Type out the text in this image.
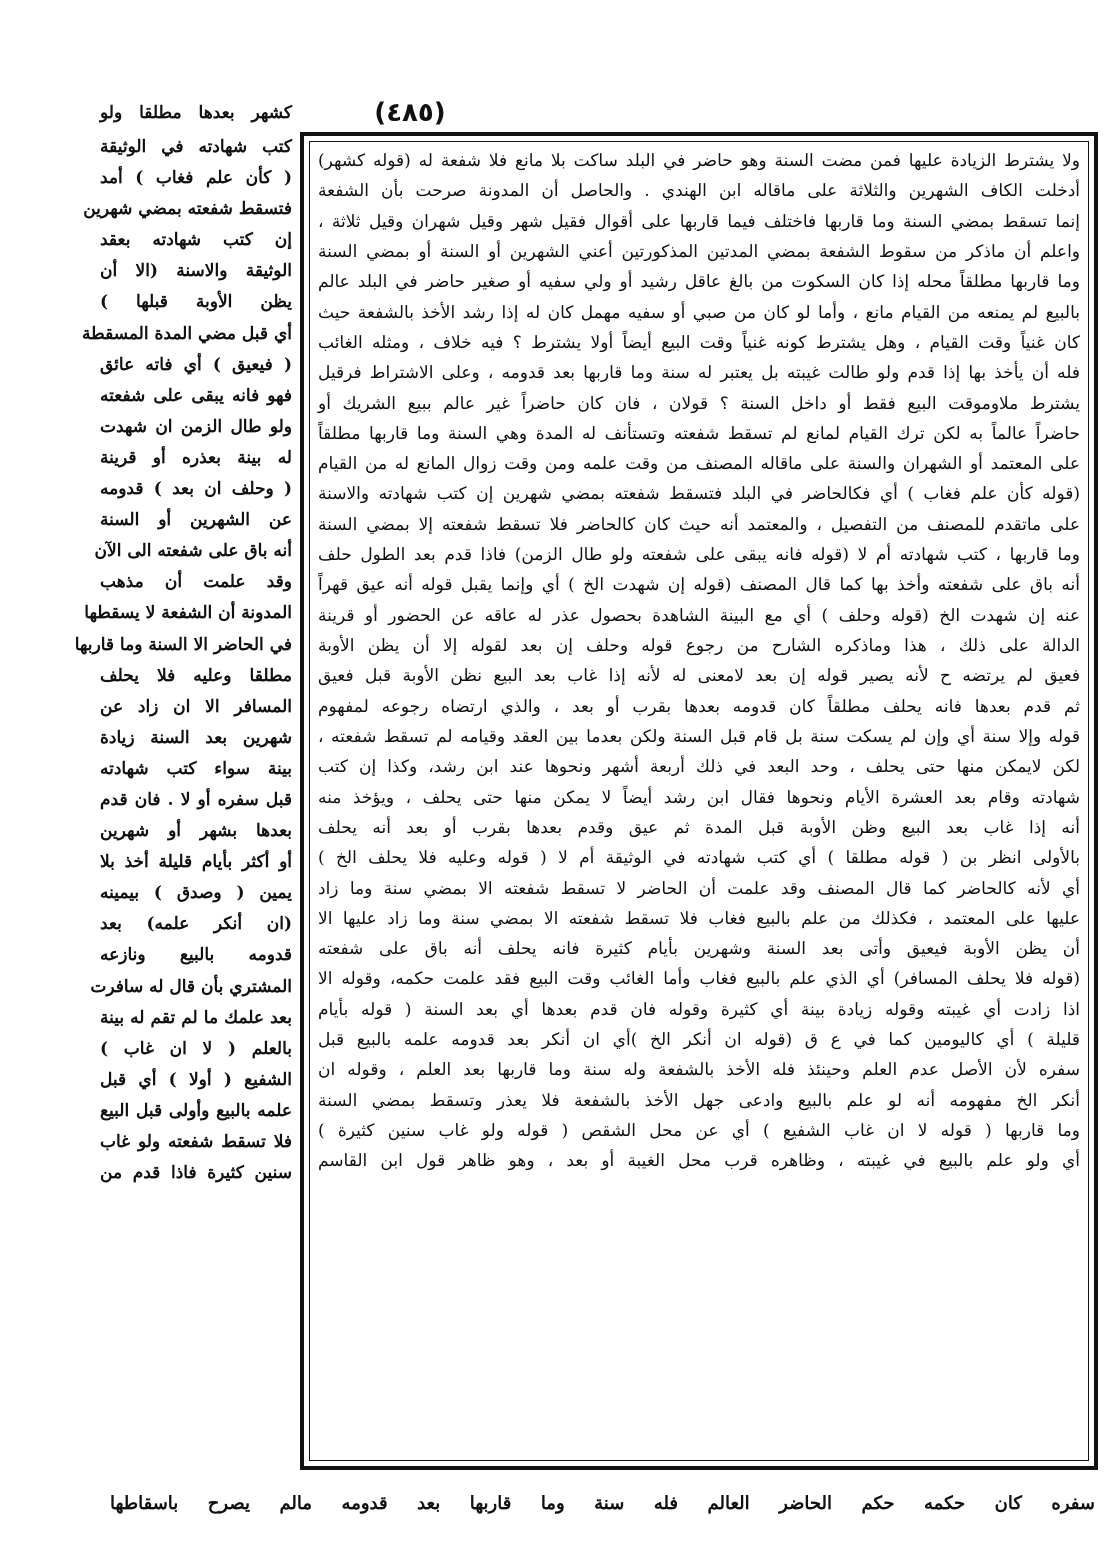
(٤٨٥)
كشهر بعدها مطلقا ولو
كتب شهادته في الوثيقة
( كأن علم فغاب ) أمد
فتسقط شفعته بمضي شهرين
إن كتب شهادته بعقد
الوثيقة والاسنة (الا أن
يظن الأوبة قبلها )
أي قبل مضي المدة المسقطة
( فيعيق ) أي فاته عائق
فهو فانه يبقى على شفعته
ولو طال الزمن ان شهدت
له بينة بعذره أو قرينة
( وحلف ان بعد ) قدومه
عن الشهرين أو السنة
أنه باق على شفعته الى الآن
وقد علمت أن مذهب
المدونة أن الشفعة لا يسقطها
في الحاضر الا السنة وما قاربها
مطلقا وعليه فلا يحلف
المسافر الا ان زاد عن
شهرين بعد السنة زيادة
بينة سواء كتب شهادته
قبل سفره أو لا . فان قدم
بعدها بشهر أو شهرين
أو أكثر بأيام قليلة أخذ بلا
يمين ( وصدق ) بيمينه
(ان أنكر علمه) بعد
قدومه بالبيع ونازعه
المشتري بأن قال له سافرت
بعد علمك ما لم تقم له بينة
بالعلم ( لا ان غاب )
الشفيع ( أولا ) أي قبل
علمه بالبيع وأولى قبل البيع
فلا تسقط شفعته ولو غاب
سنين كثيرة فاذا قدم من
ولا يشترط الزيادة عليها فمن مضت السنة وهو حاضر في البلد ساكت بلا مانع فلا شفعة له (قوله كشهر)
أدخلت الكاف الشهرين والثلاثة على ماقاله ابن الهندي . والحاصل أن المدونة صرحت بأن الشفعة
إنما تسقط بمضي السنة وما قاربها فاختلف فيما قاربها على أقوال فقيل شهر وقيل شهران وقيل ثلاثة ،
واعلم أن ماذكر من سقوط الشفعة بمضي المدتين المذكورتين أعني الشهرين أو السنة أو بمضي السنة
وما قاربها مطلقاً محله إذا كان السكوت من بالغ عاقل رشيد أو ولي سفيه أو صغير حاضر في البلد عالم
بالبيع لم يمنعه من القيام مانع ، وأما لو كان من صبي أو سفيه مهمل كان له إذا رشد الأخذ بالشفعة حيث
كان غنياً وقت القيام ، وهل يشترط كونه غنياً وقت البيع أيضاً أولا يشترط ؟ فيه خلاف ، ومثله الغائب
فله أن يأخذ بها إذا قدم ولو طالت غيبته بل يعتبر له سنة وما قاربها بعد قدومه ، وعلى الاشتراط فرقيل
يشترط ملاوموقت البيع فقط أو داخل السنة ؟ قولان ، فان كان حاضراً غير عالم ببيع الشريك أو
حاضراً عالماً به لكن ترك القيام لمانع لم تسقط شفعته وتستأنف له المدة وهي السنة وما قاربها مطلقاً
على المعتمد أو الشهران والسنة على ماقاله المصنف من وقت علمه ومن وقت زوال المانع له من القيام
(قوله كأن علم فغاب ) أي فكالحاضر في البلد فتسقط شفعته بمضي شهرين إن كتب شهادته والاسنة
على ماتقدم للمصنف من التفصيل ، والمعتمد أنه حيث كان كالحاضر فلا تسقط شفعته إلا بمضي السنة
وما قاربها ، كتب شهادته أم لا (قوله فانه يبقى على شفعته ولو طال الزمن) فاذا قدم بعد الطول حلف
أنه باق على شفعته وأخذ بها كما قال المصنف (قوله إن شهدت الخ ) أي وإنما يقبل قوله أنه عيق قهراً
عنه إن شهدت الخ (قوله وحلف ) أي مع البينة الشاهدة بحصول عذر له عاقه عن الحضور أو قرينة
الدالة على ذلك ، هذا وماذكره الشارح من رجوع قوله وحلف إن بعد لقوله إلا أن يظن الأوبة
فعيق لم يرتضه ح لأنه يصير قوله إن بعد لامعنى له لأنه إذا غاب بعد البيع نظن الأوبة قبل فعيق
ثم قدم بعدها فانه يحلف مطلقاً كان قدومه بعدها بقرب أو بعد ، والذي ارتضاه رجوعه لمفهوم
قوله وإلا سنة أي وإن لم يسكت سنة بل قام قبل السنة ولكن بعدما بين العقد وقيامه لم تسقط شفعته ،
لكن لايمكن منها حتى يحلف ، وحد البعد في ذلك أربعة أشهر ونحوها عند ابن رشد، وكذا إن كتب
شهادته وقام بعد العشرة الأيام ونحوها فقال ابن رشد أيضاً لا يمكن منها حتى يحلف ، ويؤخذ منه
أنه إذا غاب بعد البيع وظن الأوبة قبل المدة ثم عيق وقدم بعدها بقرب أو بعد أنه يحلف
بالأولى انظر بن ( قوله مطلقا ) أي كتب شهادته في الوثيقة أم لا ( قوله وعليه فلا يحلف الخ )
أي لأنه كالحاضر كما قال المصنف وقد علمت أن الحاضر لا تسقط شفعته الا بمضي سنة وما زاد
عليها على المعتمد ، فكذلك من علم بالبيع فغاب فلا تسقط شفعته الا بمضي سنة وما زاد عليها الا
أن يظن الأوبة فيعيق وأتى بعد السنة وشهرين بأيام كثيرة فانه يحلف أنه باق على شفعته
(قوله فلا يحلف المسافر) أي الذي علم بالبيع فغاب وأما الغائب وقت البيع فقد علمت حكمه، وقوله الا
اذا زادت أي غيبته وقوله زيادة بينة أي كثيرة وقوله فان قدم بعدها أي بعد السنة ( قوله بأيام
قليلة ) أي كاليومين كما في ع ق (قوله ان أنكر الخ )أي ان أنكر بعد قدومه علمه بالبيع قبل
سفره لأن الأصل عدم العلم وحينئذ فله الأخذ بالشفعة وله سنة وما قاربها بعد العلم ، وقوله ان
أنكر الخ مفهومه أنه لو علم بالبيع وادعى جهل الأخذ بالشفعة فلا يعذر وتسقط بمضي السنة
وما قاربها ( قوله لا ان غاب الشفيع ) أي عن محل الشقص ( قوله ولو غاب سنين كثيرة )
أي ولو علم بالبيع في غيبته ، وظاهره قرب محل الغيبة أو بعد ، وهو ظاهر قول ابن القاسم
سفره كان حكمه حكم الحاضر العالم فله سنة وما قاربها بعد قدومه مالم يصرح باسقاطها
